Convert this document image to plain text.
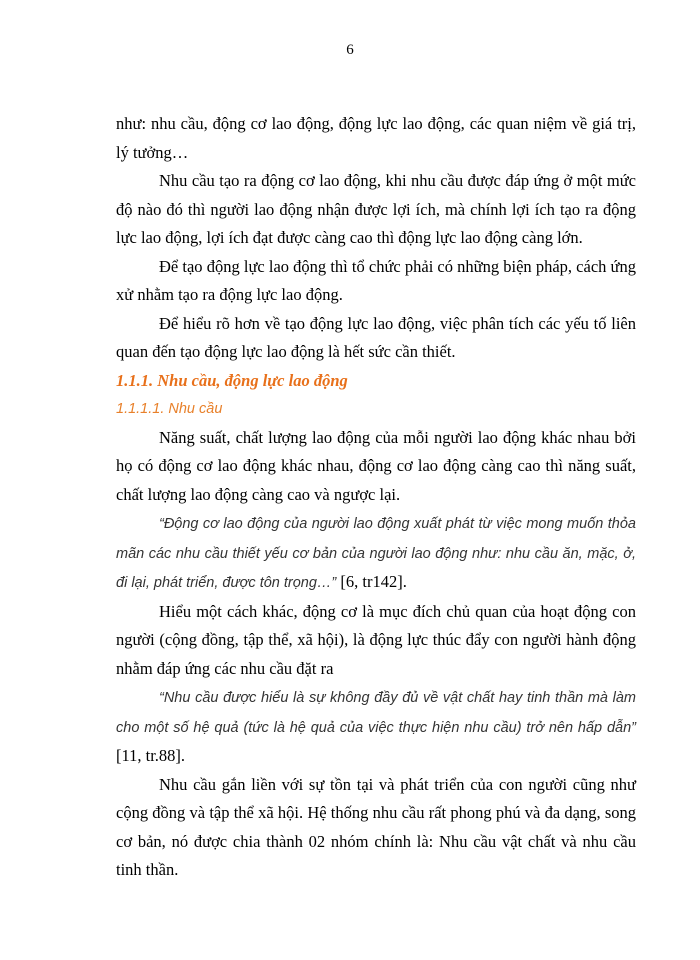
6

như: nhu cầu, động cơ lao động, động lực lao động, các quan niệm về giá trị, lý tưởng…

Nhu cầu tạo ra động cơ lao động, khi nhu cầu được đáp ứng ở một mức độ nào đó thì người lao động nhận được lợi ích, mà chính lợi ích tạo ra động lực lao động, lợi ích đạt được càng cao thì động lực lao động càng lớn.

Để tạo động lực lao động thì tổ chức phải có những biện pháp, cách ứng xử nhằm tạo ra động lực lao động.

Để hiểu rõ hơn về tạo động lực lao động, việc phân tích các yếu tố liên quan đến tạo động lực lao động là hết sức cần thiết.

1.1.1. Nhu cầu, động lực lao động

1.1.1.1. Nhu cầu

Năng suất, chất lượng lao động của mỗi người lao động khác nhau bởi họ có động cơ lao động khác nhau, động cơ lao động càng cao thì năng suất, chất lượng lao động càng cao và ngược lại.

“Động cơ lao động của người lao động xuất phát từ việc mong muốn thỏa mãn các nhu cầu thiết yếu cơ bản của người lao động như: nhu cầu ăn, mặc, ở, đi lại, phát triển, được tôn trọng…” [6, tr142].

Hiểu một cách khác, động cơ là mục đích chủ quan của hoạt động con người (cộng đồng, tập thể, xã hội), là động lực thúc đẩy con người hành động nhằm đáp ứng các nhu cầu đặt ra

“Nhu cầu được hiểu là sự không đầy đủ về vật chất hay tinh thần mà làm cho một số hệ quả (tức là hệ quả của việc thực hiện nhu cầu) trở nên hấp dẫn” [11, tr.88].

Nhu cầu gắn liền với sự tồn tại và phát triển của con người cũng như cộng đồng và tập thể xã hội. Hệ thống nhu cầu rất phong phú và đa dạng, song cơ bản, nó được chia thành 02 nhóm chính là: Nhu cầu vật chất và nhu cầu tinh thần.
